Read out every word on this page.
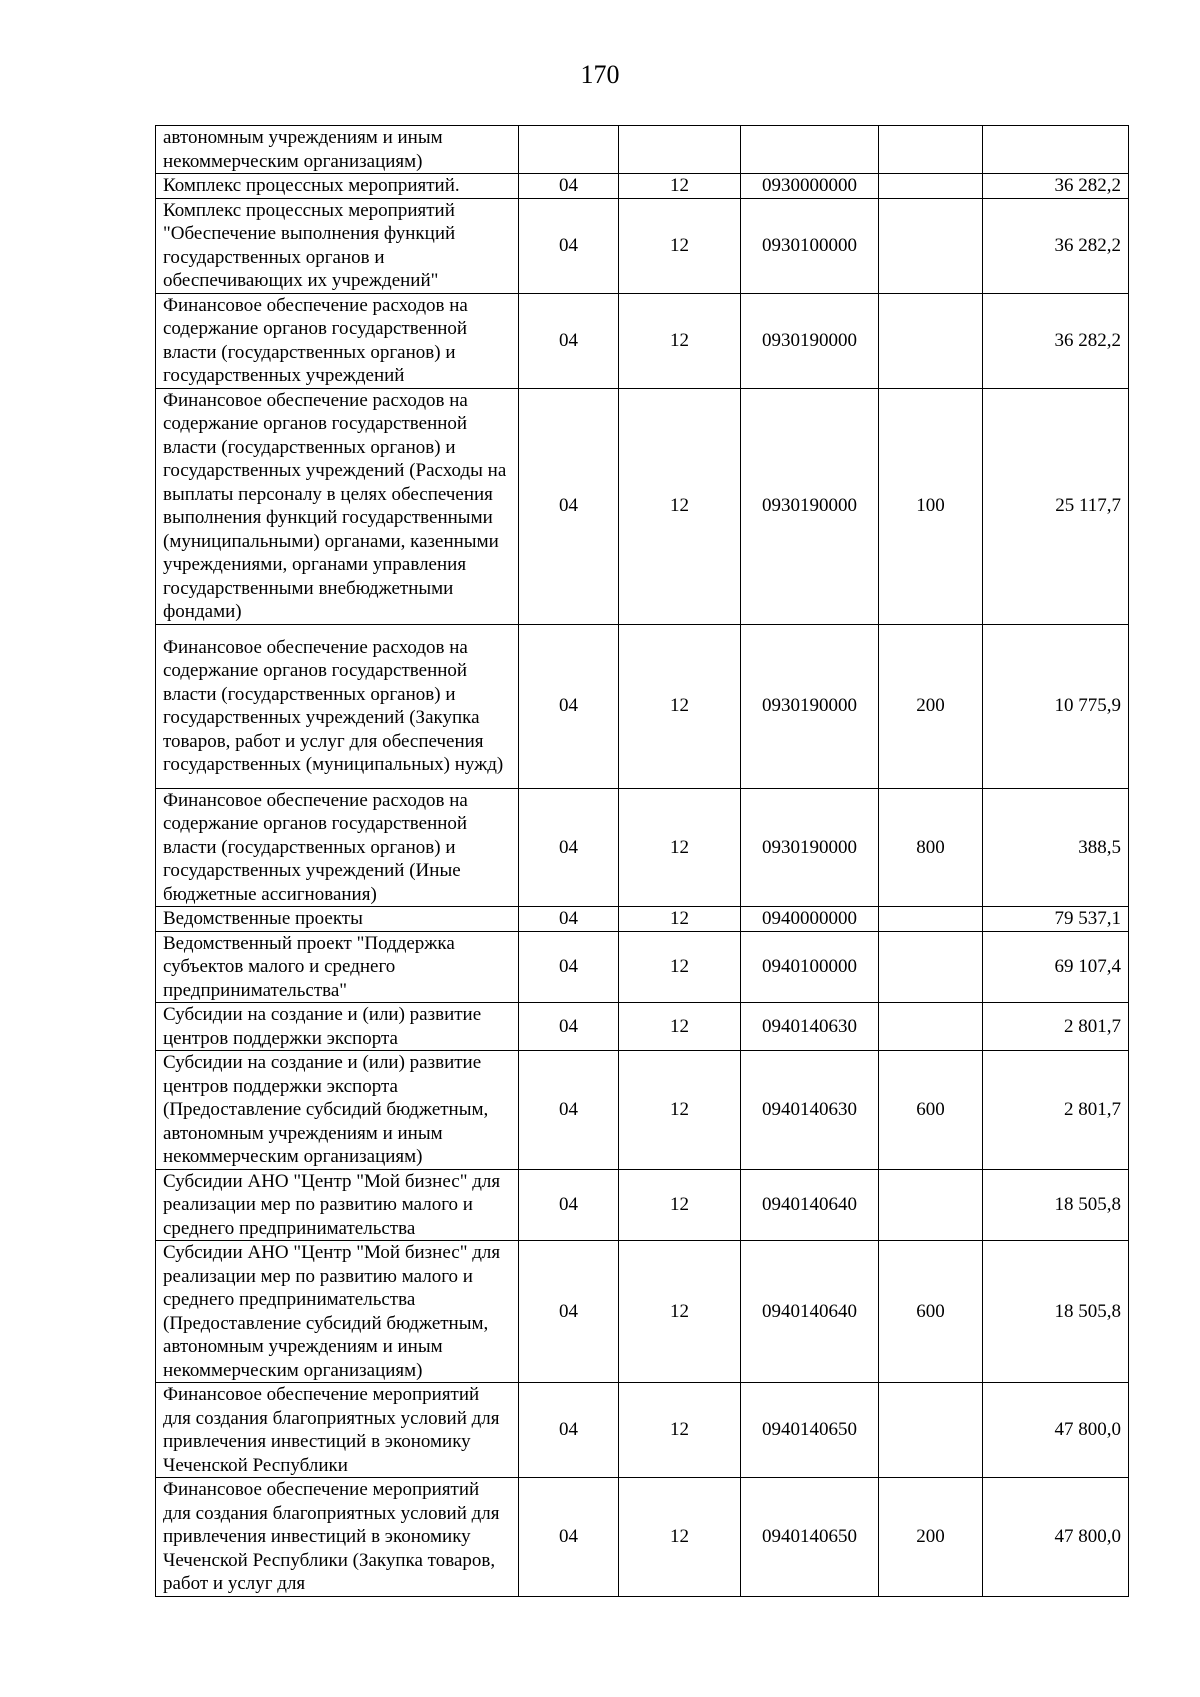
170
автономным учреждениям и иным некоммерческим организациям)					
Комплекс процессных мероприятий.	04	12	0930000000		36 282,2
Комплекс процессных мероприятий "Обеспечение выполнения функций государственных органов и обеспечивающих их учреждений"	04	12	0930100000		36 282,2
Финансовое обеспечение расходов на содержание органов государственной власти (государственных органов) и государственных учреждений	04	12	0930190000		36 282,2
Финансовое обеспечение расходов на содержание органов государственной власти (государственных органов) и государственных учреждений (Расходы на выплаты персоналу в целях обеспечения выполнения функций государственными (муниципальными) органами, казенными учреждениями, органами управления государственными внебюджетными фондами)	04	12	0930190000	100	25 117,7
Финансовое обеспечение расходов на содержание органов государственной власти (государственных органов) и государственных учреждений (Закупка товаров, работ и услуг для обеспечения государственных (муниципальных) нужд)	04	12	0930190000	200	10 775,9
Финансовое обеспечение расходов на содержание органов государственной власти (государственных органов) и государственных учреждений (Иные бюджетные ассигнования)	04	12	0930190000	800	388,5
Ведомственные проекты	04	12	0940000000		79 537,1
Ведомственный проект "Поддержка субъектов малого и среднего предпринимательства"	04	12	0940100000		69 107,4
Субсидии на создание и (или) развитие центров поддержки экспорта	04	12	0940140630		2 801,7
Субсидии на создание и (или) развитие центров поддержки экспорта (Предоставление субсидий бюджетным, автономным учреждениям и иным некоммерческим организациям)	04	12	0940140630	600	2 801,7
Субсидии АНО "Центр "Мой бизнес" для реализации мер по развитию малого и среднего предпринимательства	04	12	0940140640		18 505,8
Субсидии АНО "Центр "Мой бизнес" для реализации мер по развитию малого и среднего предпринимательства (Предоставление субсидий бюджетным, автономным учреждениям и иным некоммерческим организациям)	04	12	0940140640	600	18 505,8
Финансовое обеспечение мероприятий для создания благоприятных условий для привлечения инвестиций в экономику Чеченской Республики	04	12	0940140650		47 800,0
Финансовое обеспечение мероприятий для создания благоприятных условий для привлечения инвестиций в экономику Чеченской Республики (Закупка товаров, работ и услуг для	04	12	0940140650	200	47 800,0
